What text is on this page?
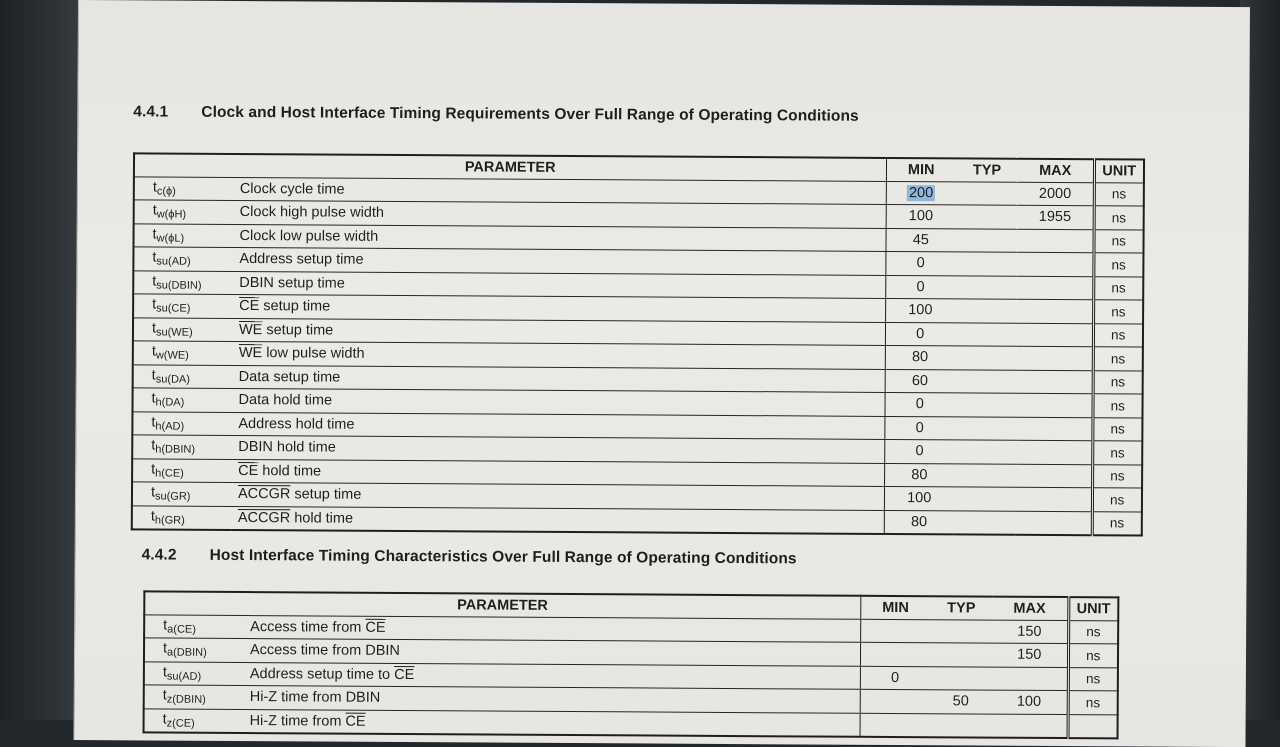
4.4.1 Clock and Host Interface Timing Requirements Over Full Range of Operating Conditions
PARAMETER		MIN	TYP	MAX	UNIT
$t_{c(\phi)}$	Clock cycle time	200		2000	ns
$t_{w(\phi H)}$	Clock high pulse width	100		1955	ns
$t_{w(\phi L)}$	Clock low pulse width	45			ns
$t_{su(AD)}$	Address setup time	0			ns
$t_{su(DBIN)}$	DBIN setup time	0			ns
$t_{su(CE)}$	$\overline{CE}$ setup time	100			ns
$t_{su(WE)}$	$\overline{WE}$ setup time	0			ns
$t_{w(WE)}$	$\overline{WE}$ low pulse width	80			ns
$t_{su(DA)}$	Data setup time	60			ns
$t_{h(DA)}$	Data hold time	0			ns
$t_{h(AD)}$	Address hold time	0			ns
$t_{h(DBIN)}$	DBIN hold time	0			ns
$t_{h(CE)}$	$\overline{CE}$ hold time	80			ns
$t_{su(GR)}$	ACCGR setup time	100			ns
$t_{h(GR)}$	ACCGR hold time	80			ns
4.4.2 Host Interface Timing Characteristics Over Full Range of Operating Conditions
PARAMETER		MIN	TYP	MAX	UNIT
$t_{a(CE)}$	Access time from $\overline{CE}$			150	ns
$t_{a(DBIN)}$	Access time from DBIN			150	ns
$t_{su(AD)}$	Address setup time to $\overline{CE}$	0			ns
$t_{z(DBIN)}$	Hi-Z time from DBIN		50	100	ns
$t_{z(CE)}$	Hi-Z time from $\overline{CE}$				
